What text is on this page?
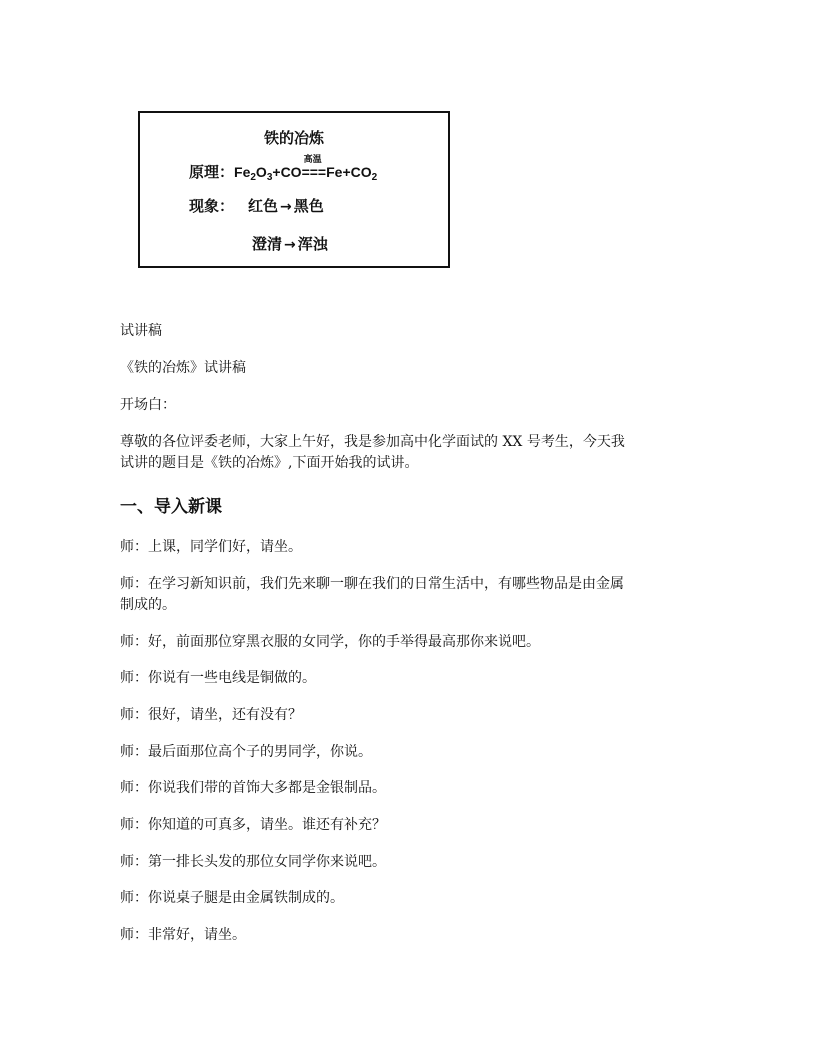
铁的冶炼
原理：$Fe_2O_3+CO$
高温
$===Fe+CO_2$
现象： 红色 → 黑色
澄清 → 浑浊

试讲稿

《铁的冶炼》试讲稿

开场白：

尊敬的各位评委老师，大家上午好，我是参加高中化学面试的 XX 号考生，今天我

试讲的题目是《铁的冶炼》,下面开始我的试讲。

一、导入新课

师：上课，同学们好，请坐。

师：在学习新知识前，我们先来聊一聊在我们的日常生活中，有哪些物品是由金属

制成的。

师：好，前面那位穿黑衣服的女同学，你的手举得最高那你来说吧。

师：你说有一些电线是铜做的。

师：很好，请坐，还有没有？

师：最后面那位高个子的男同学，你说。

师：你说我们带的首饰大多都是金银制品。

师：你知道的可真多，请坐。谁还有补充？

师：第一排长头发的那位女同学你来说吧。

师：你说桌子腿是由金属铁制成的。

师：非常好，请坐。
